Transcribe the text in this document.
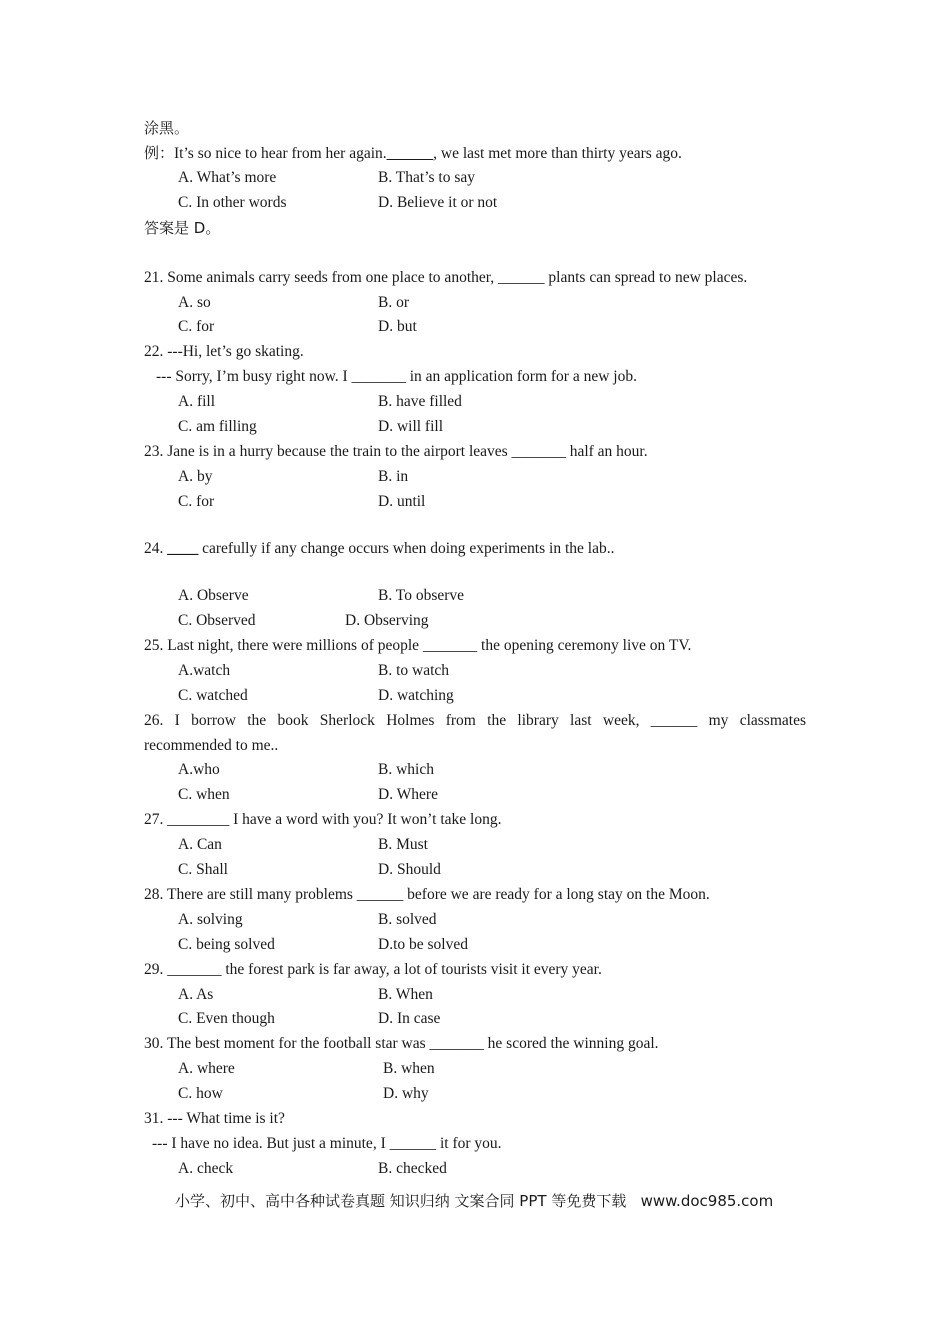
涂黑。
例：It’s so nice to hear from her again.______, we last met more than thirty years ago.
A. What’s more	B. That’s to say
C. In other words	D. Believe it or not
答案是 D。
21. Some animals carry seeds from one place to another, ______ plants can spread to new places.
A. so	B. or
C. for	D. but
22. ---Hi, let’s go skating.
--- Sorry, I’m busy right now. I _______ in an application form for a new job.
A. fill	B. have filled
C. am filling	D. will fill
23. Jane is in a hurry because the train to the airport leaves _______ half an hour.
A. by	B. in
C. for	D. until
24. ____ carefully if any change occurs when doing experiments in the lab..
A. Observe	B. To observe
C. Observed	D. Observing
25. Last night, there were millions of people _______ the opening ceremony live on TV.
A.watch	B. to watch
C. watched	D. watching
26. I borrow the book Sherlock Holmes from the library last week, ______ my classmates
recommended to me..
A.who	B. which
C. when	D. Where
27. ________ I have a word with you? It won’t take long.
A. Can	B. Must
C. Shall	D. Should
28. There are still many problems ______ before we are ready for a long stay on the Moon.
A. solving	B. solved
C. being solved	D.to be solved
29. _______ the forest park is far away, a lot of tourists visit it every year.
A. As	B. When
C. Even though	D. In case
30. The best moment for the football star was _______ he scored the winning goal.
A. where	B. when
C. how	D. why
31. --- What time is it?
--- I have no idea. But just a minute, I ______ it for you.
A. check	B. checked
小学、初中、高中各种试卷真题 知识归纳 文案合同 PPT 等免费下载   www.doc985.com
